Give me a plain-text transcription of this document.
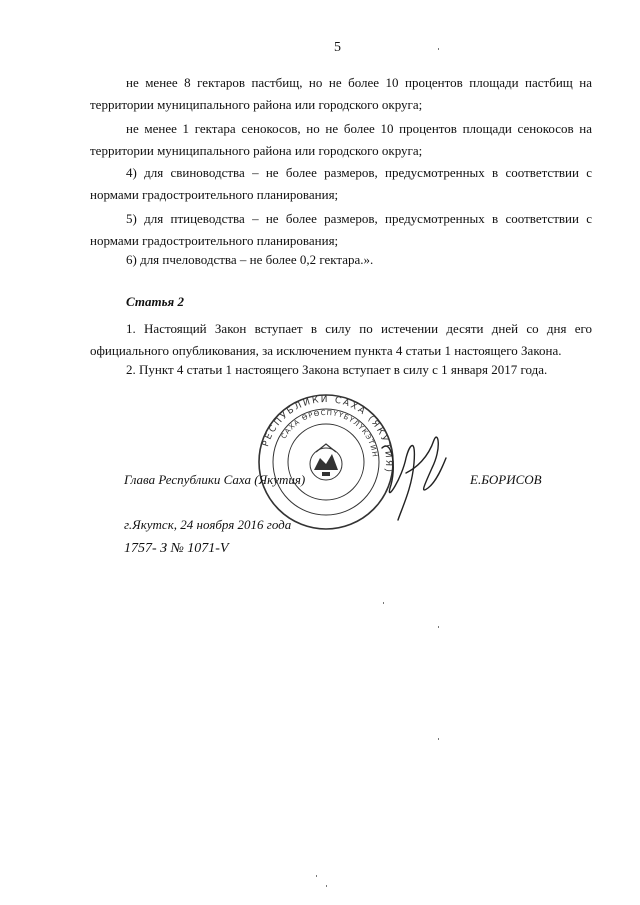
5
не менее 8 гектаров пастбищ, но не более 10 процентов площади пастбищ на территории муниципального района или городского округа;
не менее 1 гектара сенокосов, но не более 10 процентов площади сенокосов на территории муниципального района или городского округа;
4) для свиноводства – не более размеров, предусмотренных в соответствии с нормами градостроительного планирования;
5) для птицеводства – не более размеров, предусмотренных в соответствии с нормами градостроительного планирования;
6) для пчеловодства – не более 0,2 гектара.».
Статья 2
1. Настоящий Закон вступает в силу по истечении десяти дней со дня его официального опубликования, за исключением пункта 4 статьи 1 настоящего Закона.
2. Пункт 4 статьи 1 настоящего Закона вступает в силу с 1 января 2017 года.
РЕСПУБЛИКИ САХА (ЯКУТИЯ)
САХА ӨРӨСПҮҮБҮЛҮКЭТИН
Глава Республики Саха (Якутия)	Е.БОРИСОВ
г.Якутск, 24 ноября 2016 года
1757- З № 1071-V
